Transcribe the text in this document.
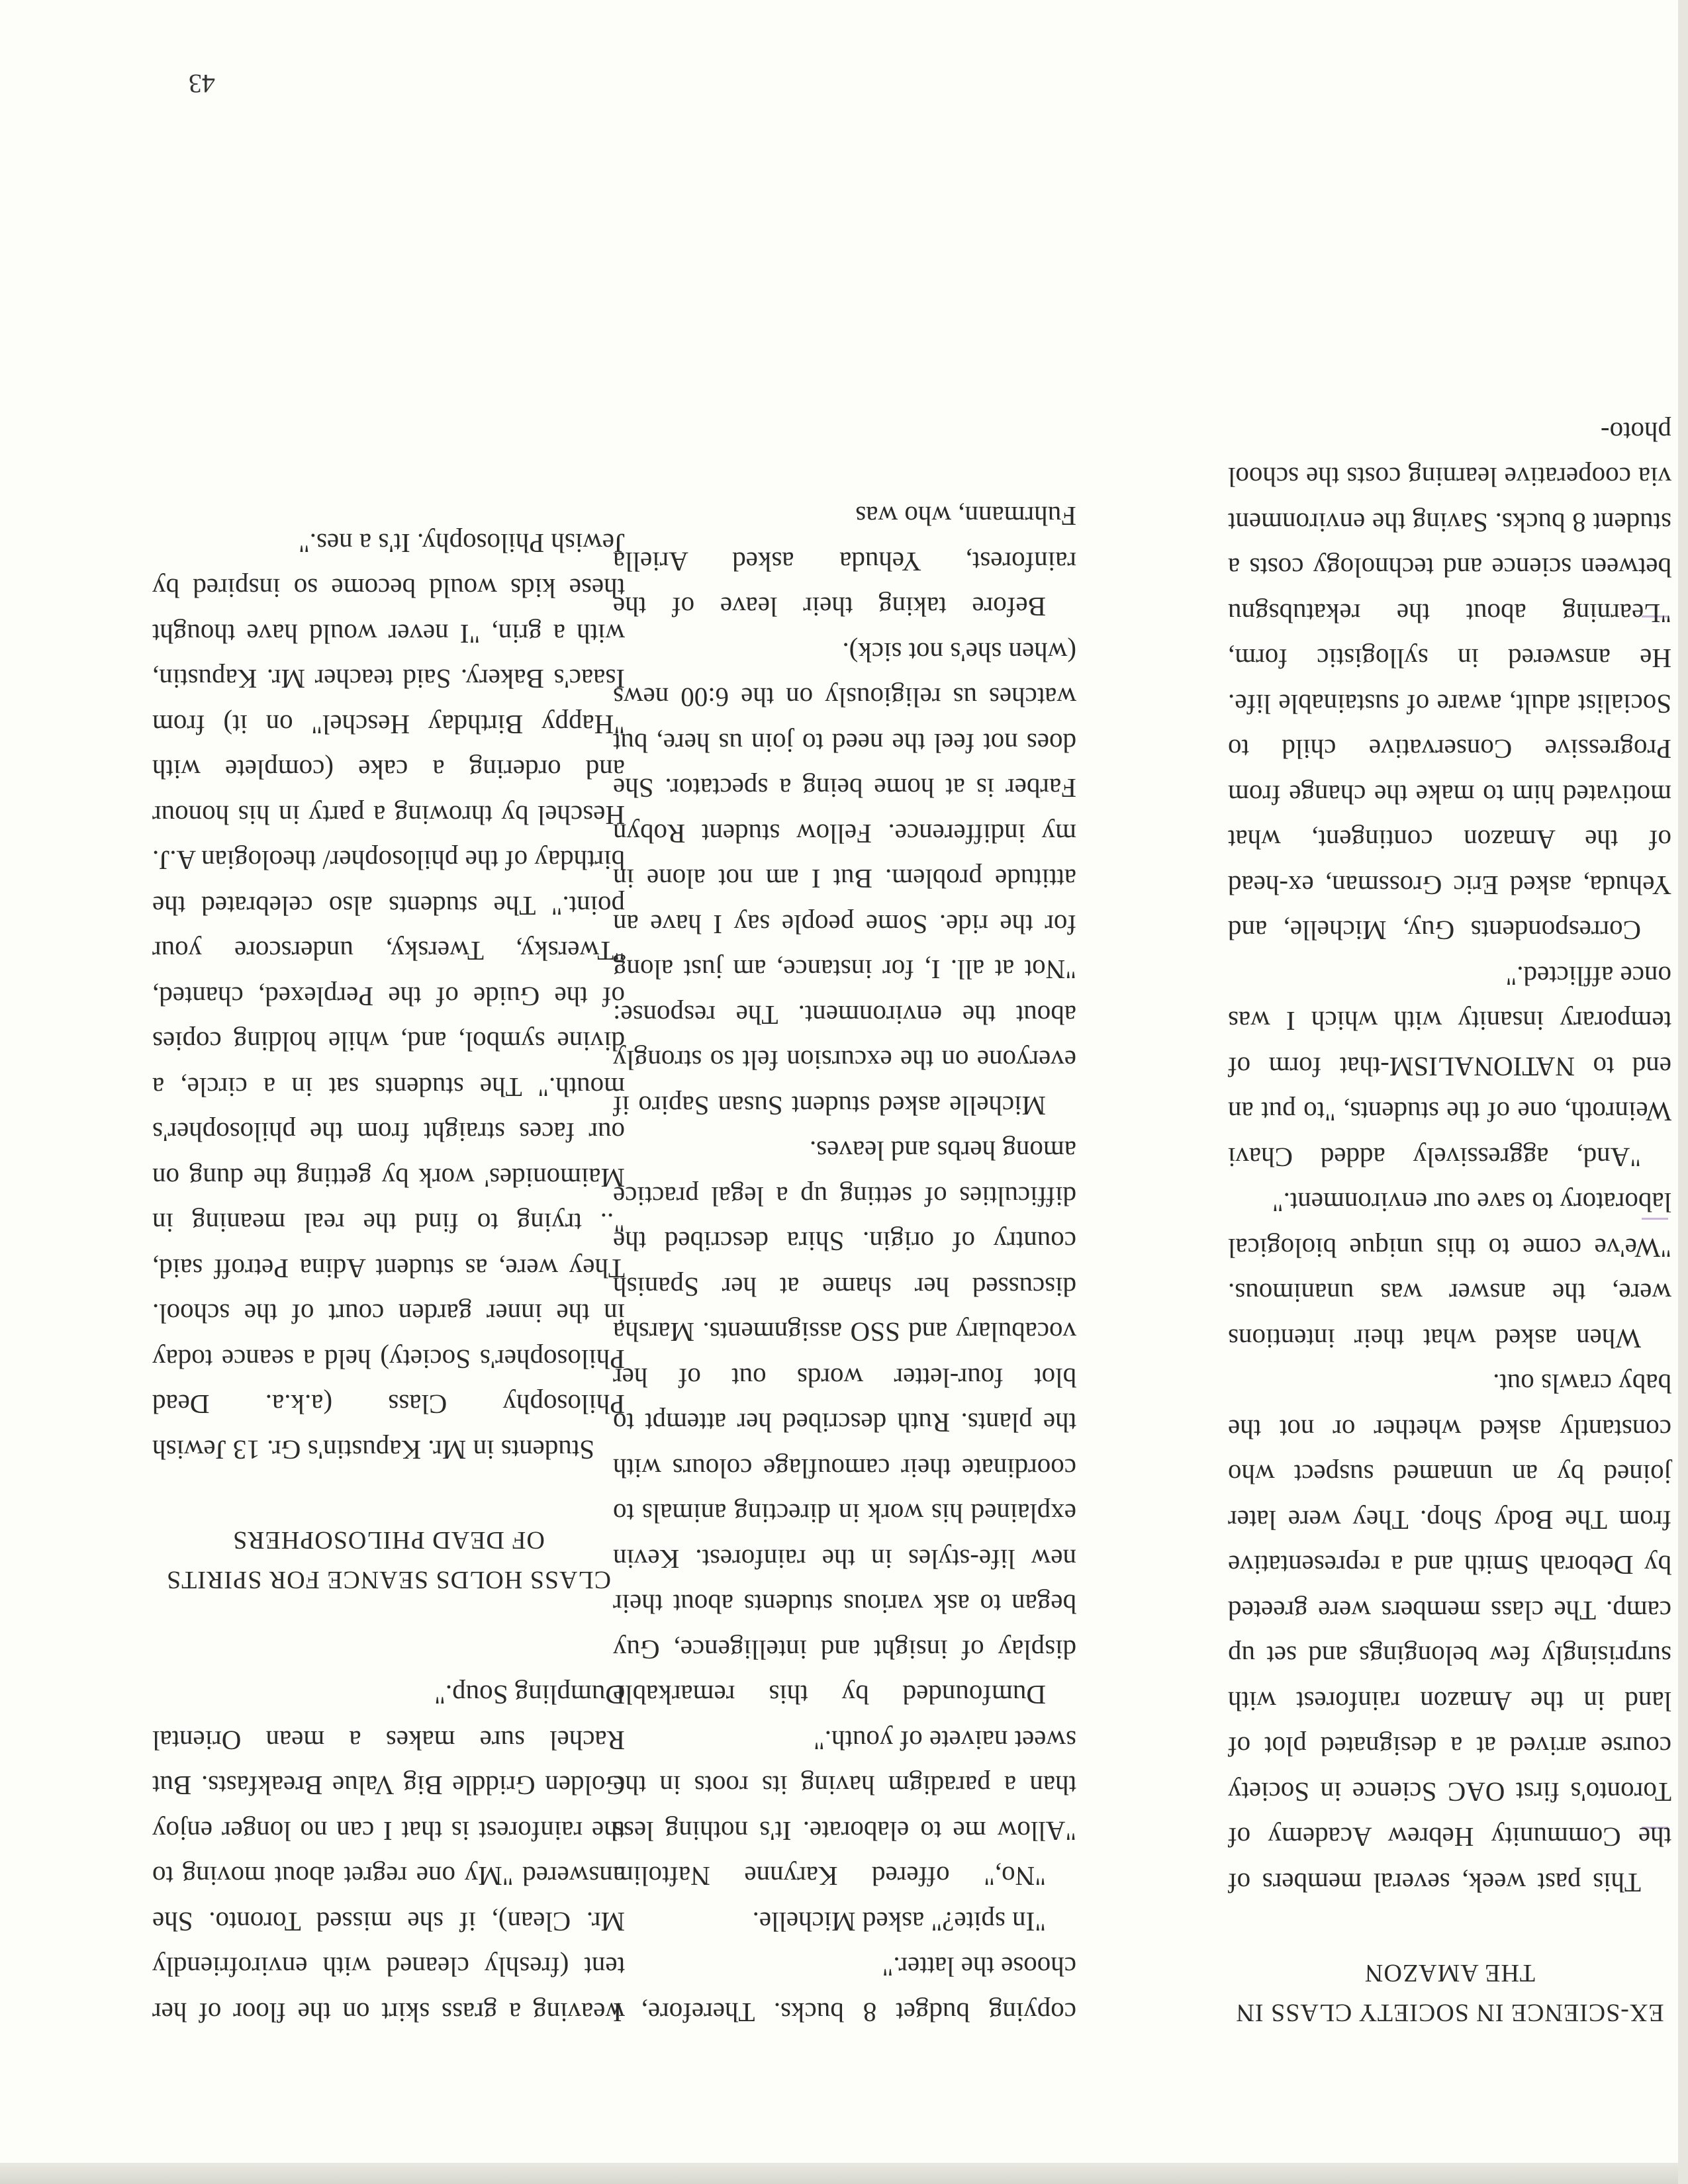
EX-SCIENCE IN SOCIETY CLASS IN THE AMAZON

This past week, several members of the Community Hebrew Academy of Toronto's first OAC Science in Society course arrived at a designated plot of land in the Amazon rainforest with surprisingly few belongings and set up camp. The class members were greeted by Deborah Smith and a representative from The Body Shop. They were later joined by an unnamed suspect who constantly asked whether or not the baby crawls out.

When asked what their intentions were, the answer was unanimous. "We've come to this unique biological laboratory to save our environment."

"And, aggressively added Chavi Weinroth, one of the students, "to put an end to NATIONALISM-that form of temporary insanity with which I was once afflicted."

Correspondents Guy, Michelle, and Yehuda, asked Eric Grossman, ex-head of the Amazon contingent, what motivated him to make the change from Progressive Conservative child to Socialist adult, aware of sustainable life. He answered in syllogistic form, "Learning about the rekatubsgnu between science and technology costs a student 8 bucks. Saving the environment via cooperative learning costs the school photo-

copying budget 8 bucks. Therefore, I choose the latter."

"In spite?" asked Michelle.

"No," offered Karynne Naftolin. "Allow me to elaborate. It's nothing less than a paradigm having its roots in the sweet naivete of youth."

Dumfounded by this remarkable display of insight and intelligence, Guy began to ask various students about their new life-styles in the rainforest. Kevin explained his work in directing animals to coordinate their camouflage colours with the plants. Ruth described her attempt to blot four-letter words out of her vocabulary and SSO assignments. Marsha discussed her shame at her Spanish country of origin. Shira described the difficulties of setting up a legal practice among herbs and leaves.

Michelle asked student Susan Sapiro if everyone on the excursion felt so strongly about the environment. The response: "Not at all. I, for instance, am just along for the ride. Some people say I have an attitude problem. But I am not alone in my indifference. Fellow student Robyn Farber is at home being a spectator. She does not feel the need to join us here, but watches us religiously on the 6:00 news (when she's not sick).

Before taking their leave of the rainforest, Yehuda asked Ariella Fuhrmann, who was

weaving a grass skirt on the floor of her tent (freshly cleaned with envirofriendly Mr. Clean), if she missed Toronto. She answered "My one regret about moving to the rainforest is that I can no longer enjoy Golden Griddle Big Value Breakfasts. But Rachel sure makes a mean Oriental Dumpling Soup."

CLASS HOLDS SEANCE FOR SPIRITS OF DEAD PHILOSOPHERS

Students in Mr. Kapustin's Gr. 13 Jewish Philosophy Class (a.k.a. Dead Philosopher's Society) held a seance today in the inner garden court of the school. They were, as student Adina Petroff said, ".. trying to find the real meaning in Maimonides' work by getting the dung on our faces straight from the philosopher's mouth." The students sat in a circle, a divine symbol, and, while holding copies of the Guide of the Perplexed, chanted, "Twersky, Twersky, underscore your point." The students also celebrated the birthday of the philosopher/ theologian A.J. Heschel by throwing a party in his honour and ordering a cake (complete with "Happy Birthday Heschel" on it) from Isaac's Bakery. Said teacher Mr. Kapustin, with a grin, "I never would have thought these kids would become so inspired by Jewish Philosophy. It's a nes."

43
